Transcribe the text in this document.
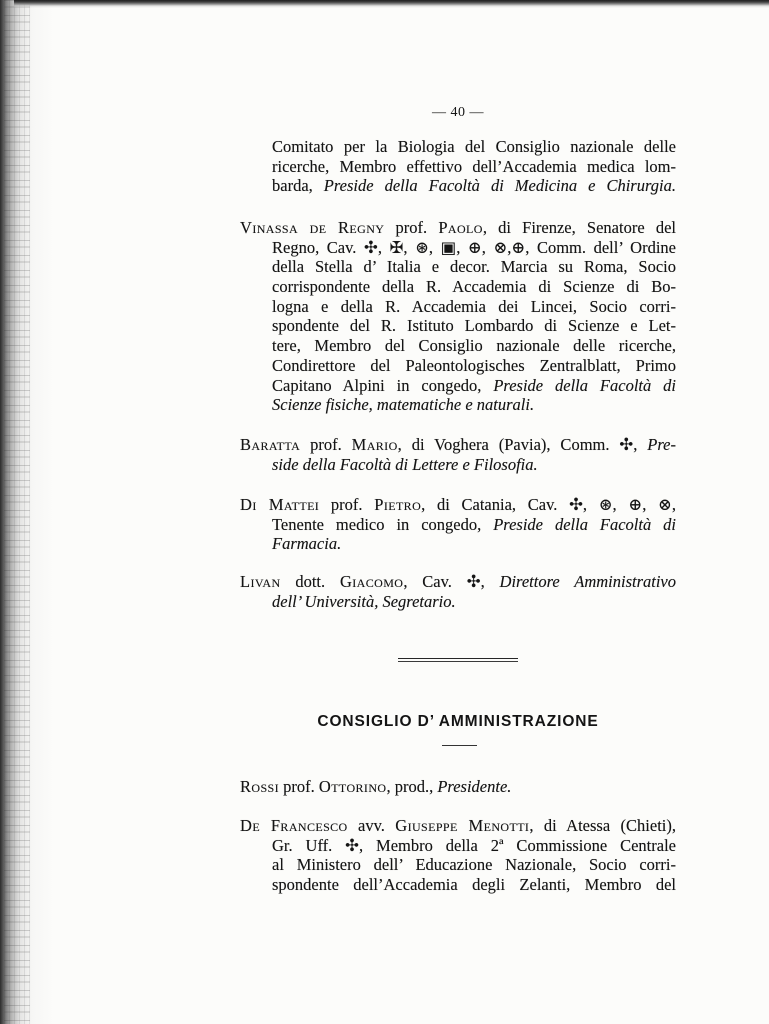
— 40 —
Comitato per la Biologia del Consiglio nazionale delle
ricerche, Membro effettivo dell’Accademia medica lom-
barda, Preside della Facoltà di Medicina e Chirurgia.
Vinassa de Regny prof. Paolo, di Firenze, Senatore del
Regno, Cav. ✣, ✠, ⊛, ▣, ⊕, ⊗,⊕, Comm. dell’ Ordine
della Stella d’ Italia e decor. Marcia su Roma, Socio
corrispondente della R. Accademia di Scienze di Bo-
logna e della R. Accademia dei Lincei, Socio corri-
spondente del R. Istituto Lombardo di Scienze e Let-
tere, Membro del Consiglio nazionale delle ricerche,
Condirettore del Paleontologisches Zentralblatt, Primo
Capitano Alpini in congedo, Preside della Facoltà di
Scienze fisiche, matematiche e naturali.
Baratta prof. Mario, di Voghera (Pavia), Comm. ✣, Pre-
side della Facoltà di Lettere e Filosofia.
Di Mattei prof. Pietro, di Catania, Cav. ✣, ⊛, ⊕, ⊗,
Tenente medico in congedo, Preside della Facoltà di
Farmacia.
Livan dott. Giacomo, Cav. ✣, Direttore Amministrativo
dell’ Università, Segretario.
CONSIGLIO D’ AMMINISTRAZIONE
Rossi prof. Ottorino, prod., Presidente.
De Francesco avv. Giuseppe Menotti, di Atessa (Chieti),
Gr. Uff. ✣, Membro della 2ª Commissione Centrale
al Ministero dell’ Educazione Nazionale, Socio corri-
spondente dell’Accademia degli Zelanti, Membro del
